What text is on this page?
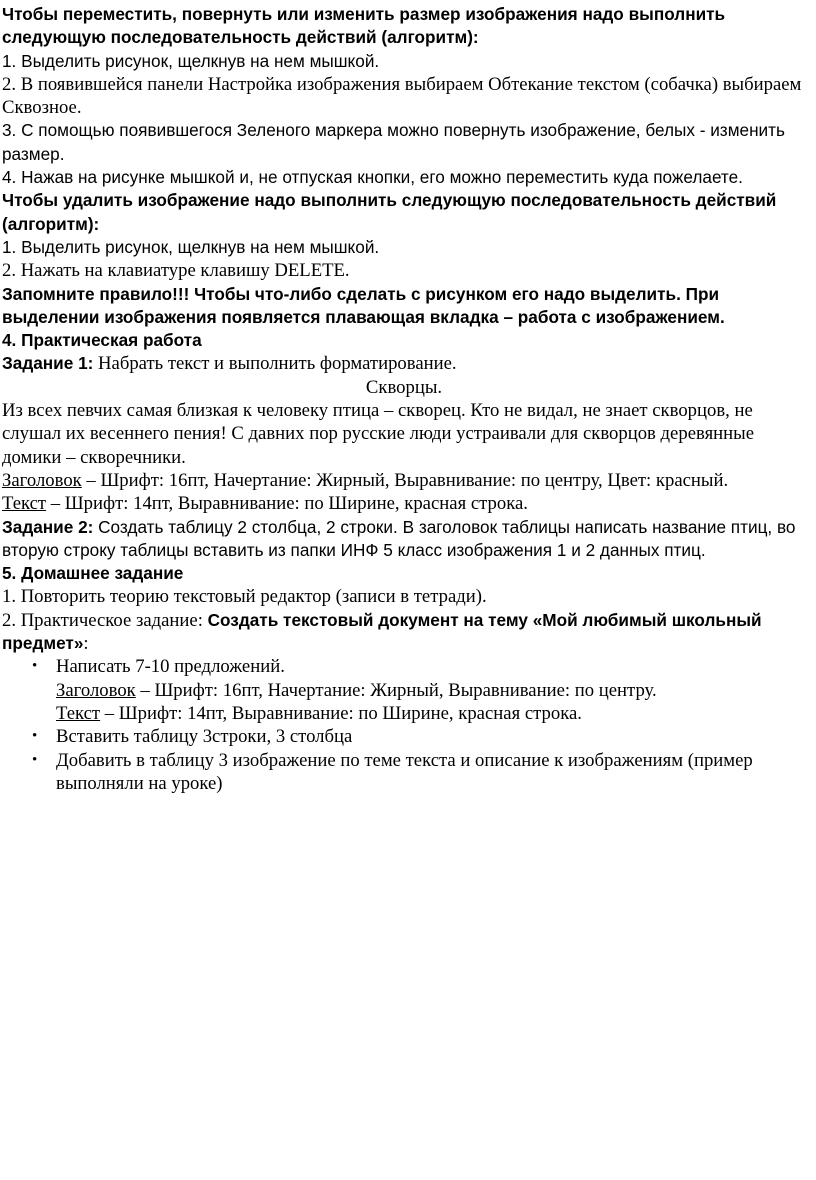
Чтобы переместить, повернуть или изменить размер изображения надо выполнить следующую последовательность действий (алгоритм):

1. Выделить рисунок, щелкнув на нем мышкой.

2. В появившейся панели Настройка изображения выбираем Обтекание текстом (собачка) выбираем Сквозное.

3. С помощью появившегося Зеленого маркера можно повернуть изображение, белых - изменить размер.

4. Нажав на рисунке мышкой и, не отпуская кнопки, его можно переместить куда пожелаете.

Чтобы удалить изображение надо выполнить следующую последовательность действий (алгоритм):

1. Выделить рисунок, щелкнув на нем мышкой.

2. Нажать на клавиатуре клавишу DELETE.

Запомните правило!!! Чтобы что-либо сделать с рисунком его надо выделить. При выделении изображения появляется плавающая вкладка – работа с изображением.

4. Практическая работа

Задание 1: Набрать текст и выполнить форматирование.

Скворцы.

Из всех певчих самая близкая к человеку птица – скворец. Кто не видал, не знает скворцов, не слушал их весеннего пения! С давних пор русские люди устраивали для скворцов деревянные домики – скворечники.

Заголовок – Шрифт: 16пт, Начертание: Жирный, Выравнивание: по центру, Цвет: красный.

Текст – Шрифт: 14пт, Выравнивание: по Ширине, красная строка.

Задание 2: Создать таблицу 2 столбца, 2 строки. В заголовок таблицы написать название птиц, во вторую строку таблицы вставить из папки ИНФ 5 класс изображения 1 и 2 данных птиц.

5. Домашнее задание

1. Повторить теорию текстовый редактор (записи в тетради).

2. Практическое задание: Создать текстовый документ на тему «Мой любимый школьный предмет»:

• Написать 7-10 предложений.
Заголовок – Шрифт: 16пт, Начертание: Жирный, Выравнивание: по центру.
Текст – Шрифт: 14пт, Выравнивание: по Ширине, красная строка.
• Вставить таблицу 3строки, 3 столбца
• Добавить в таблицу 3 изображение по теме текста и описание к изображениям (пример выполняли на уроке)
